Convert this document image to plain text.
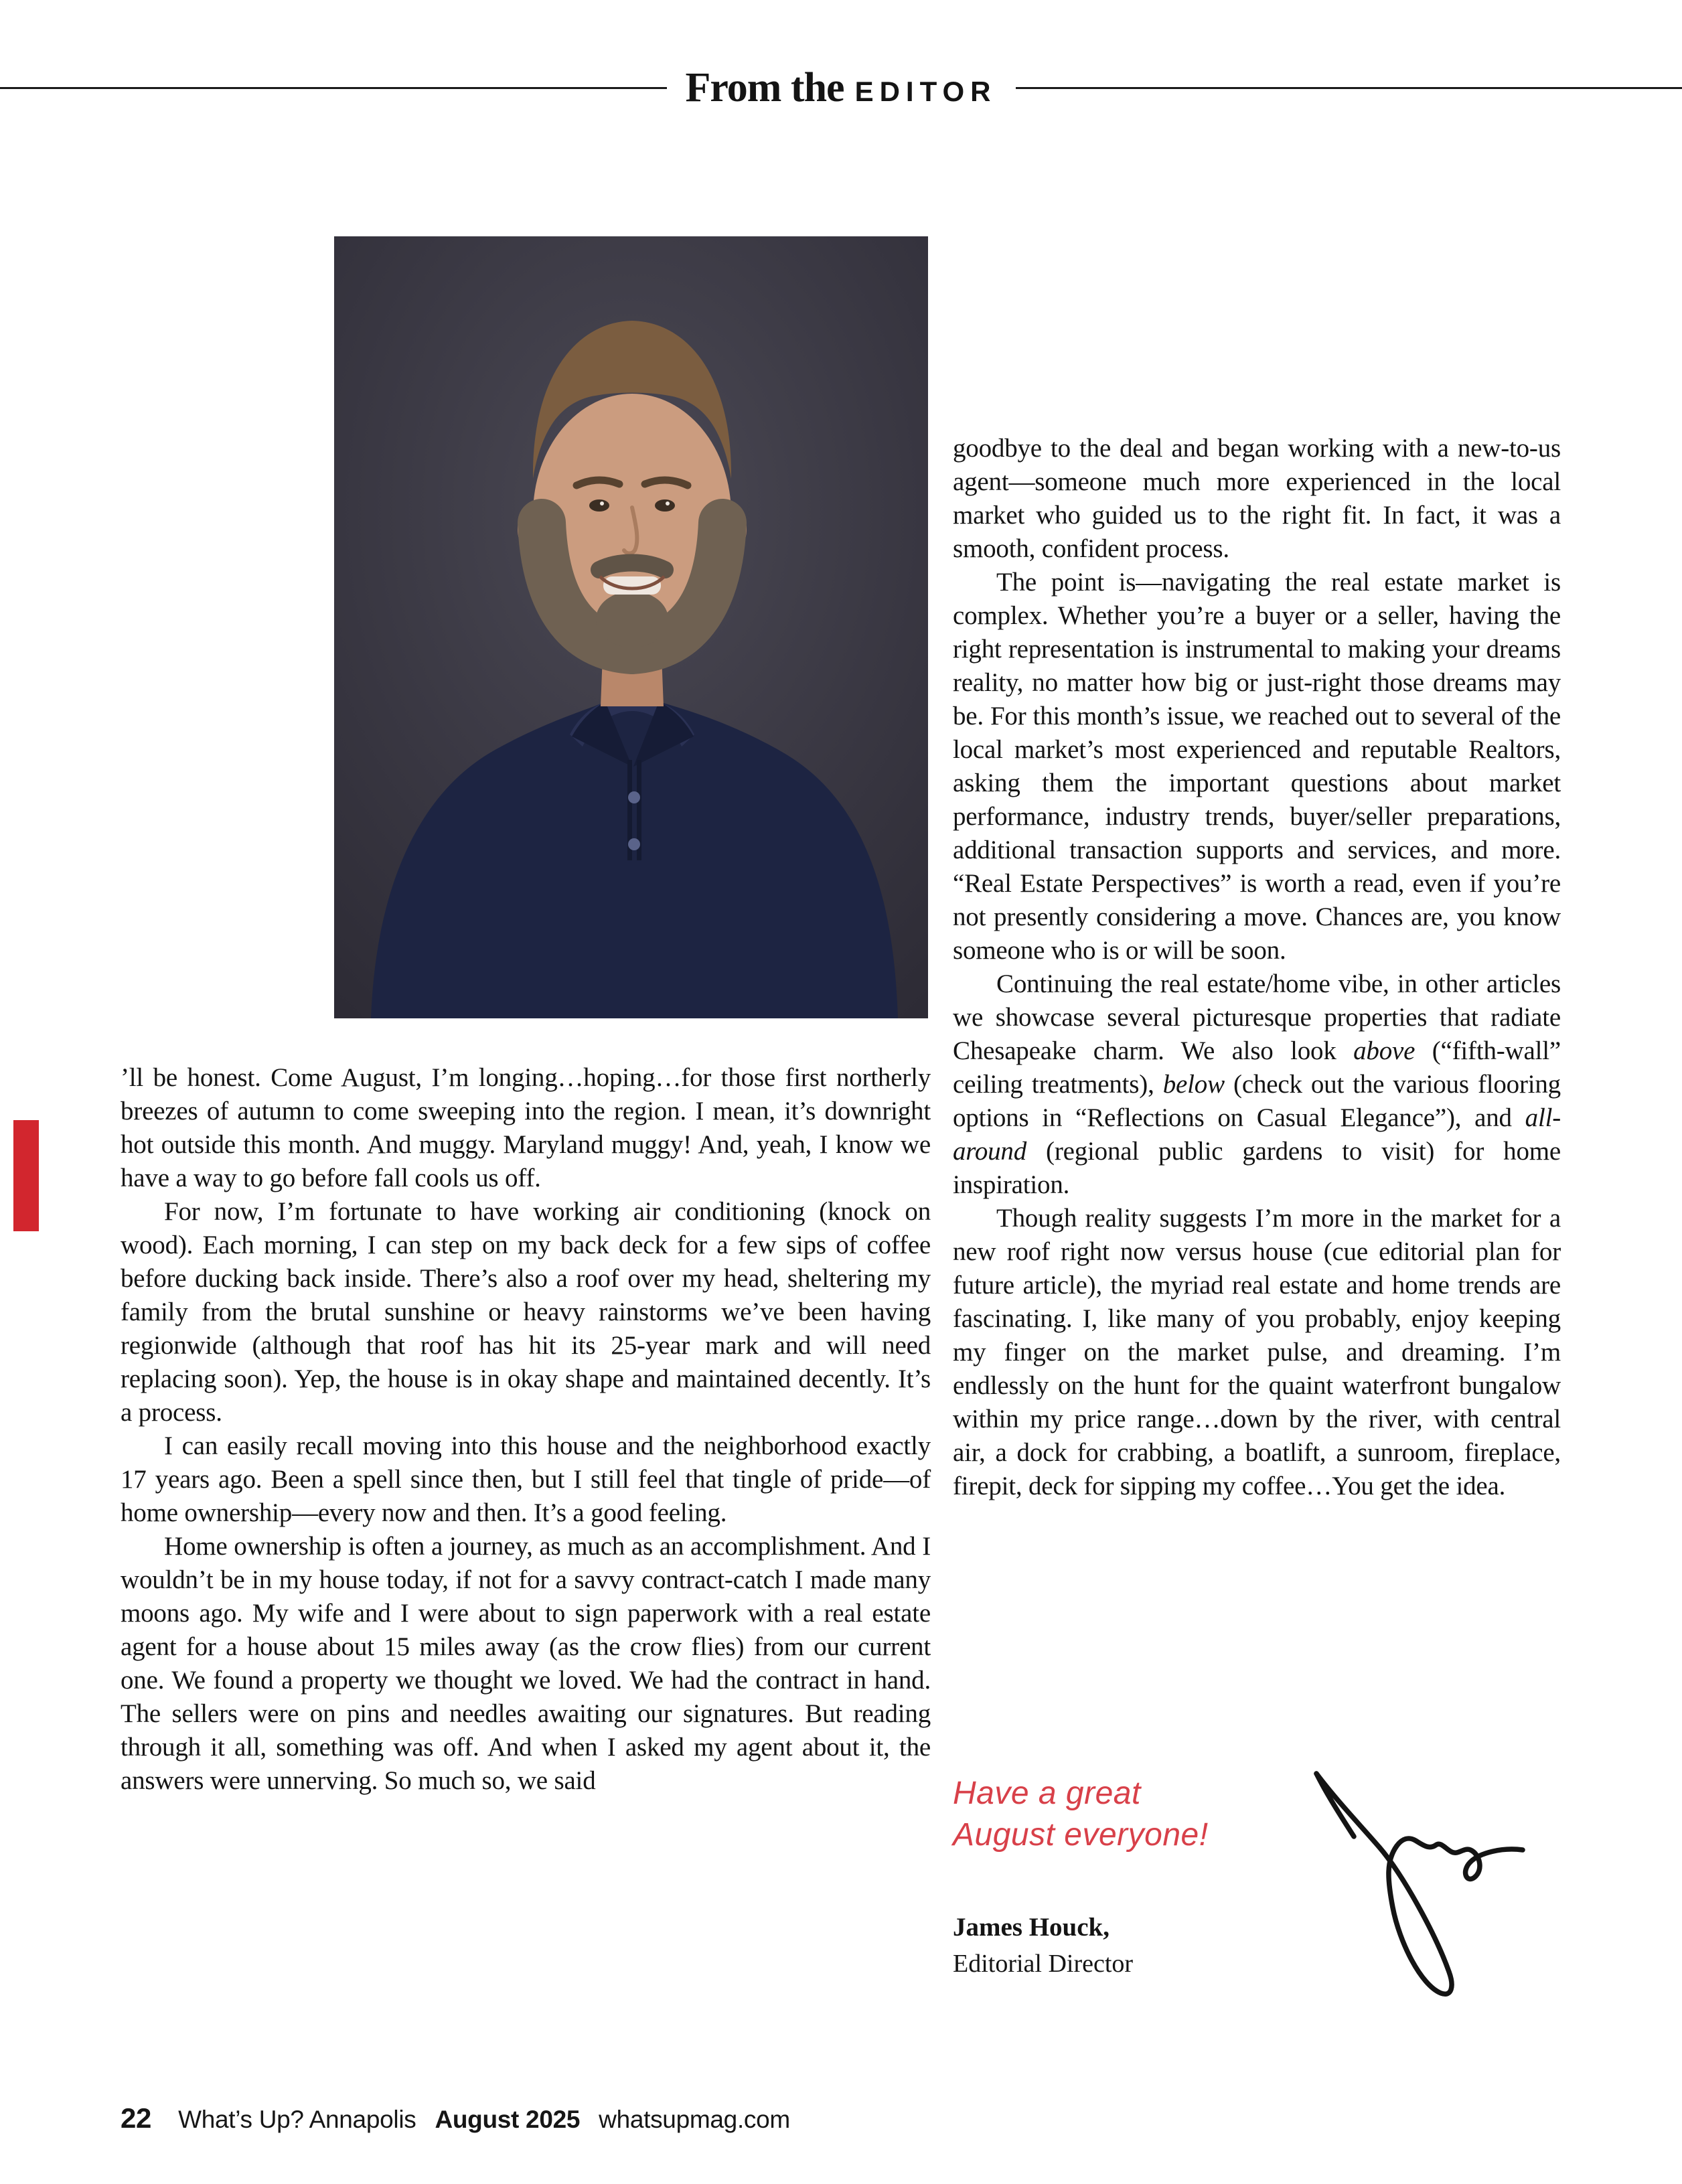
From the EDITOR

’ll be honest. Come August, I’m longing…hoping…for those first northerly breezes of autumn to come sweeping into the region. I mean, it’s downright hot outside this month. And muggy. Maryland muggy! And, yeah, I know we have a way to go before fall cools us off.

For now, I’m fortunate to have working air conditioning (knock on wood). Each morning, I can step on my back deck for a few sips of coffee before ducking back inside. There’s also a roof over my head, sheltering my family from the brutal sunshine or heavy rainstorms we’ve been having regionwide (although that roof has hit its 25-year mark and will need replacing soon). Yep, the house is in okay shape and maintained decently. It’s a process.

I can easily recall moving into this house and the neighborhood exactly 17 years ago. Been a spell since then, but I still feel that tingle of pride—of home ownership—every now and then. It’s a good feeling.

Home ownership is often a journey, as much as an accomplishment. And I wouldn’t be in my house today, if not for a savvy contract-catch I made many moons ago. My wife and I were about to sign paperwork with a real estate agent for a house about 15 miles away (as the crow flies) from our current one. We found a property we thought we loved. We had the contract in hand. The sellers were on pins and needles awaiting our signatures. But reading through it all, something was off. And when I asked my agent about it, the answers were unnerving. So much so, we said

goodbye to the deal and began working with a new-to-us agent—someone much more experienced in the local market who guided us to the right fit. In fact, it was a smooth, confident process.

The point is—navigating the real estate market is complex. Whether you’re a buyer or a seller, having the right representation is instrumental to making your dreams reality, no matter how big or just-right those dreams may be. For this month’s issue, we reached out to several of the local market’s most experienced and reputable Realtors, asking them the important questions about market performance, industry trends, buyer/seller preparations, additional transaction supports and services, and more. “Real Estate Perspectives” is worth a read, even if you’re not presently considering a move. Chances are, you know someone who is or will be soon.

Continuing the real estate/home vibe, in other articles we showcase several picturesque properties that radiate Chesapeake charm. We also look above (“fifth-wall” ceiling treatments), below (check out the various flooring options in “Reflections on Casual Elegance”), and all-around (regional public gardens to visit) for home inspiration.

Though reality suggests I’m more in the market for a new roof right now versus house (cue editorial plan for future article), the myriad real estate and home trends are fascinating. I, like many of you probably, enjoy keeping my finger on the market pulse, and dreaming. I’m endlessly on the hunt for the quaint waterfront bungalow within my price range…down by the river, with central air, a dock for crabbing, a boatlift, a sunroom, fireplace, firepit, deck for sipping my coffee…You get the idea.

Have a great
August everyone!
James Houck,
Editorial Director
22 What’s Up? Annapolis August 2025 whatsupmag.com
